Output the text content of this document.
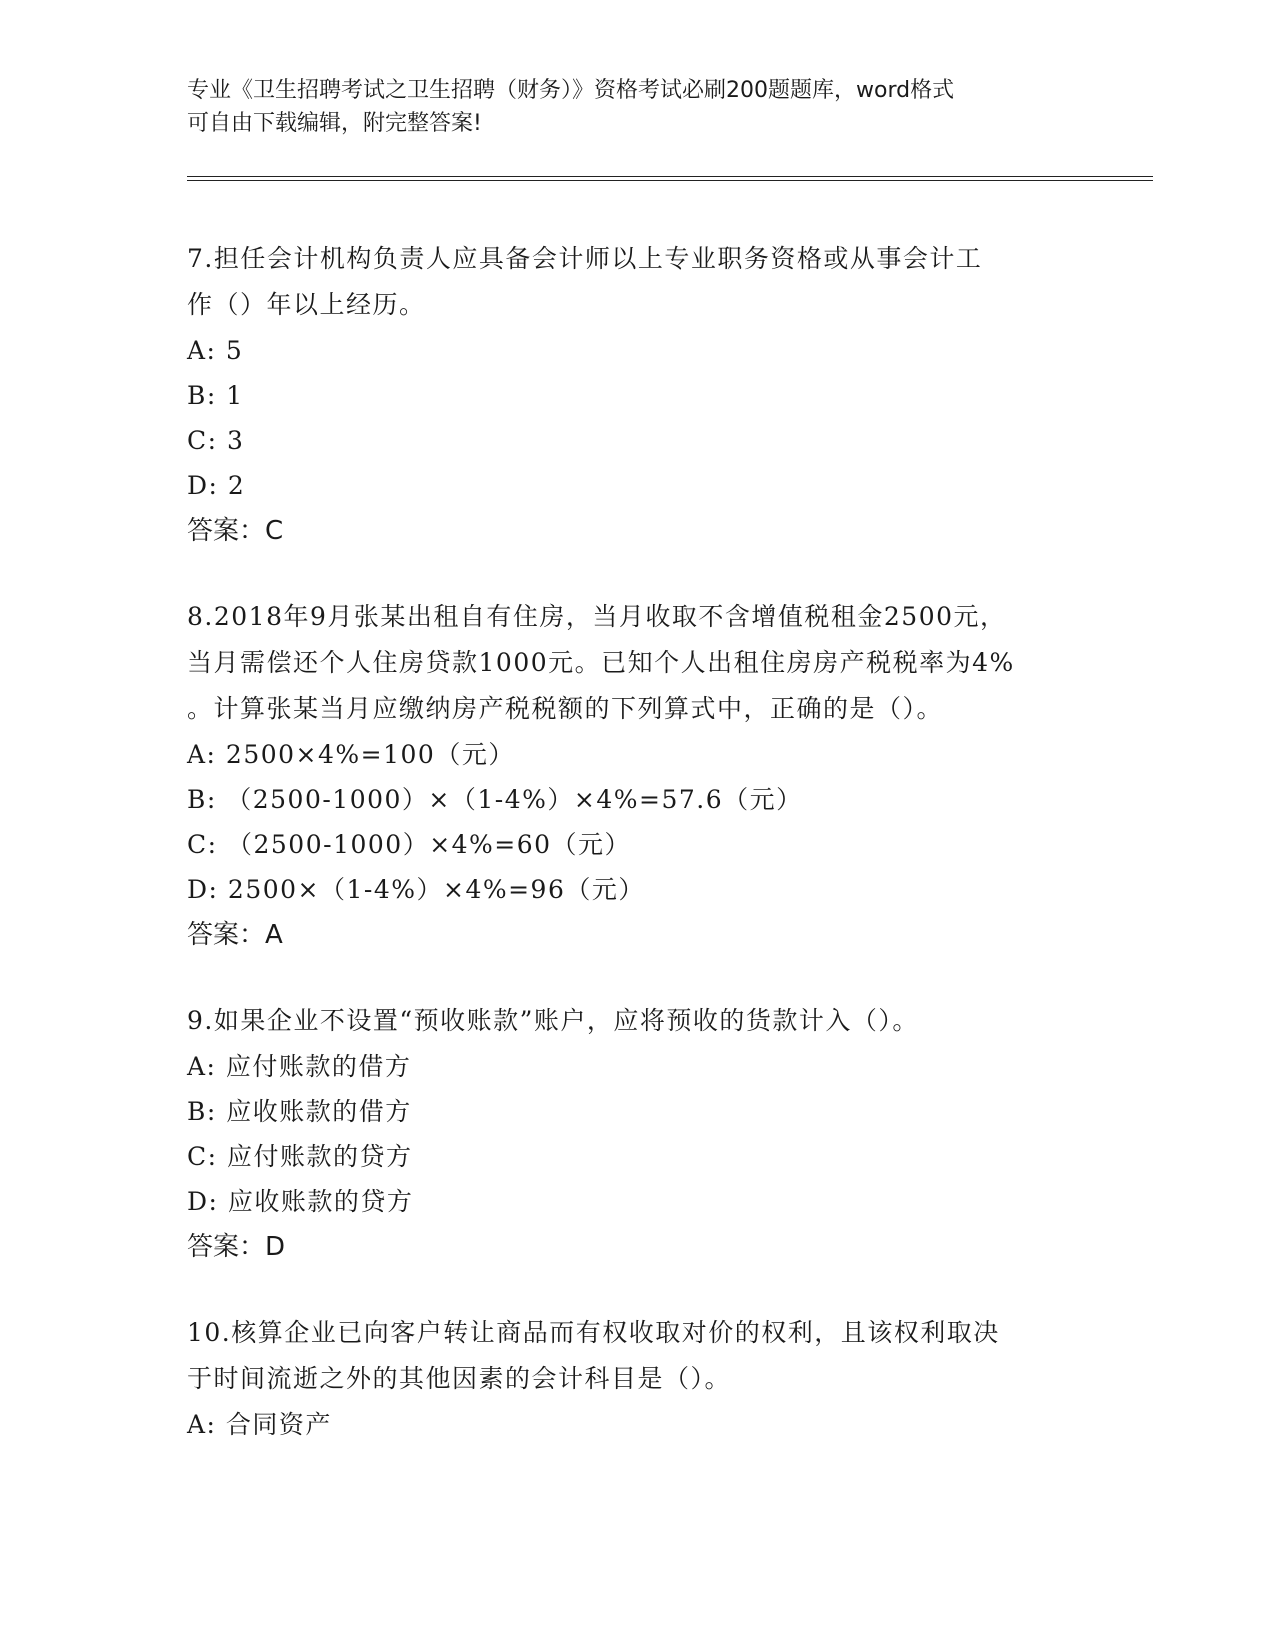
专业《卫生招聘考试之卫生招聘（财务）》资格考试必刷200题题库，word格式
可自由下载编辑，附完整答案!
7.担任会计机构负责人应具备会计师以上专业职务资格或从事会计工
作（）年以上经历。
A: 5
B: 1
C: 3
D: 2
答案：C
8.2018年9月张某出租自有住房，当月收取不含增值税租金2500元，
当月需偿还个人住房贷款1000元。已知个人出租住房房产税税率为4%
。计算张某当月应缴纳房产税税额的下列算式中，正确的是（）。
A: 2500×4%=100（元）
B: （2500-1000）×（1-4%）×4%=57.6（元）
C: （2500-1000）×4%=60（元）
D: 2500×（1-4%）×4%=96（元）
答案：A
9.如果企业不设置“预收账款”账户，应将预收的货款计入（）。
A: 应付账款的借方
B: 应收账款的借方
C: 应付账款的贷方
D: 应收账款的贷方
答案：D
10.核算企业已向客户转让商品而有权收取对价的权利，且该权利取决
于时间流逝之外的其他因素的会计科目是（）。
A: 合同资产
